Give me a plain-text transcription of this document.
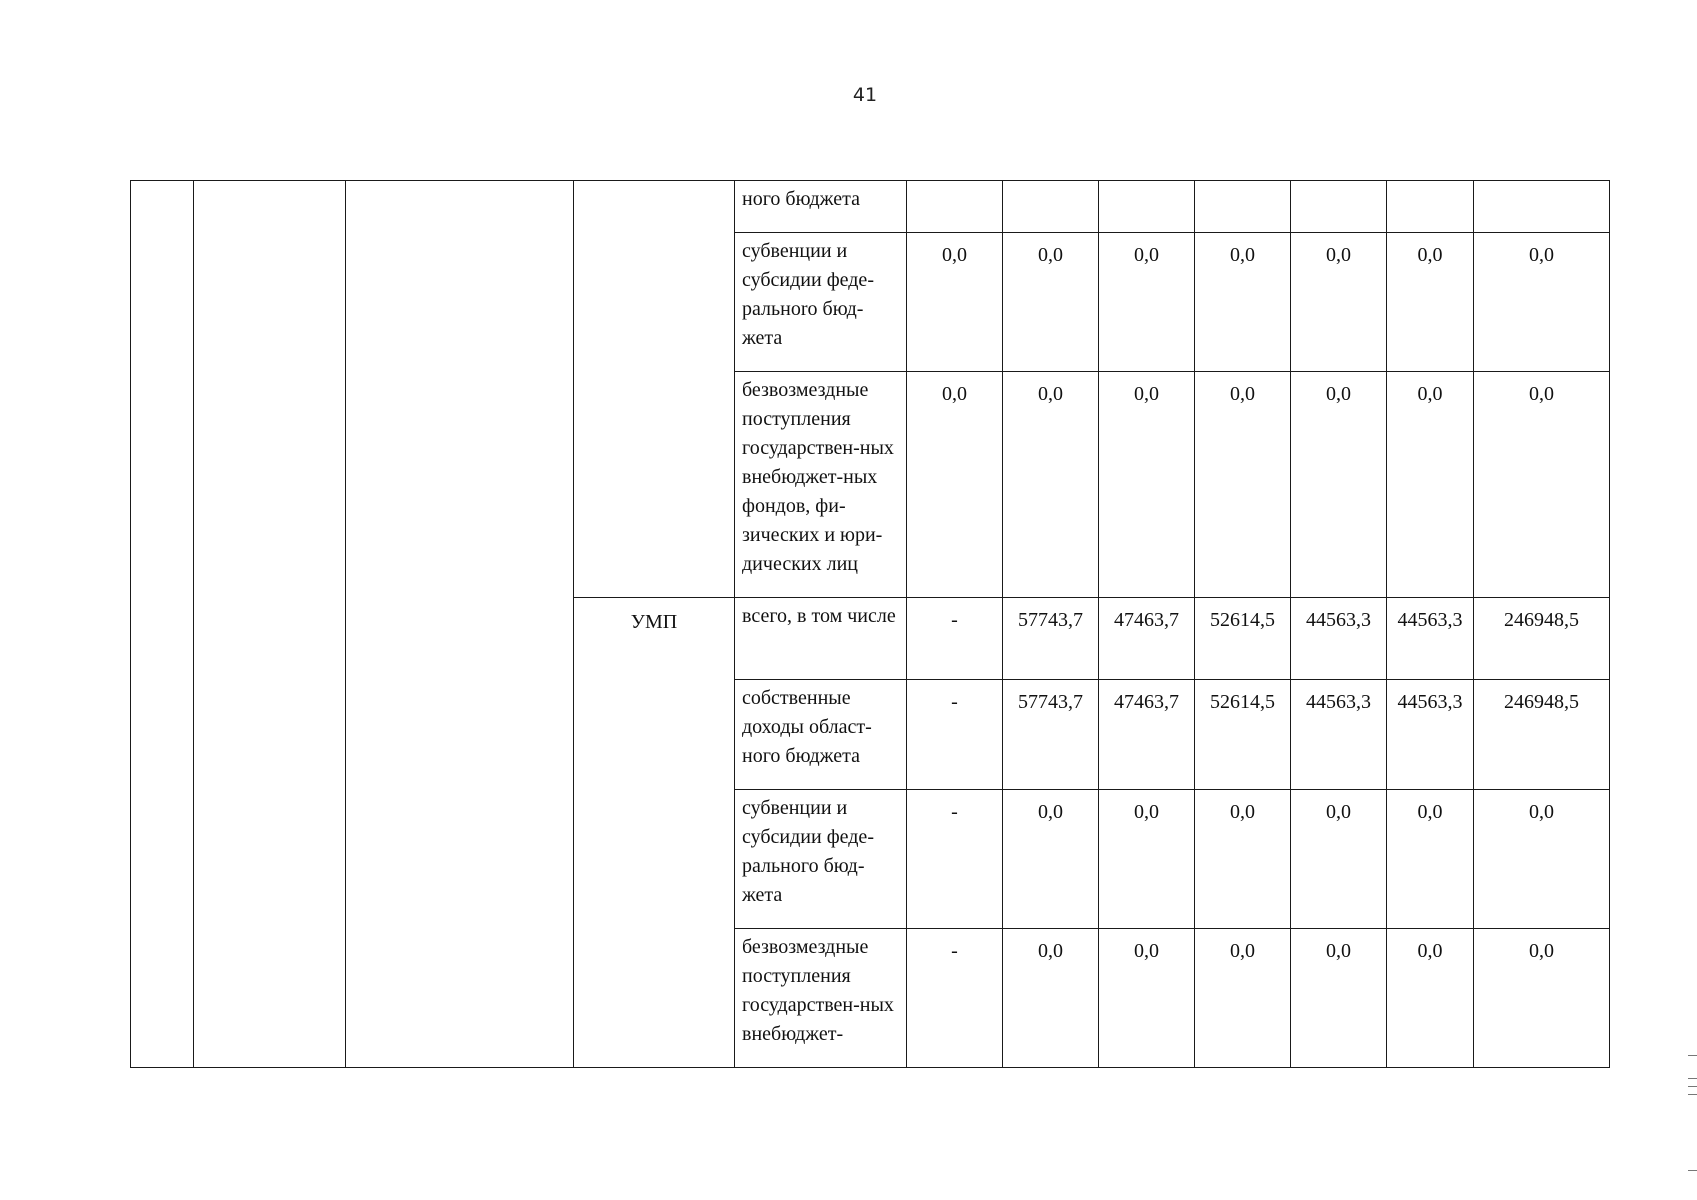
41
				ного бюджета							
				субвенции и субсидии феде-ральноrо бюд-жета	0,0	0,0	0,0	0,0	0,0	0,0	0,0
				безвозмездные поступления государствен-ных внебюджет-ных фондов, фи-зических и юри-дических лиц	0,0	0,0	0,0	0,0	0,0	0,0	0,0
			УМП	всего, в том числе	-	57743,7	47463,7	52614,5	44563,3	44563,3	246948,5
				собственные доходы област-ного бюджета	-	57743,7	47463,7	52614,5	44563,3	44563,3	246948,5
				субвенции и субсидии феде-рального бюд-жета	-	0,0	0,0	0,0	0,0	0,0	0,0
				безвозмездные поступления государствен-ных внебюджет-	-	0,0	0,0	0,0	0,0	0,0	0,0
